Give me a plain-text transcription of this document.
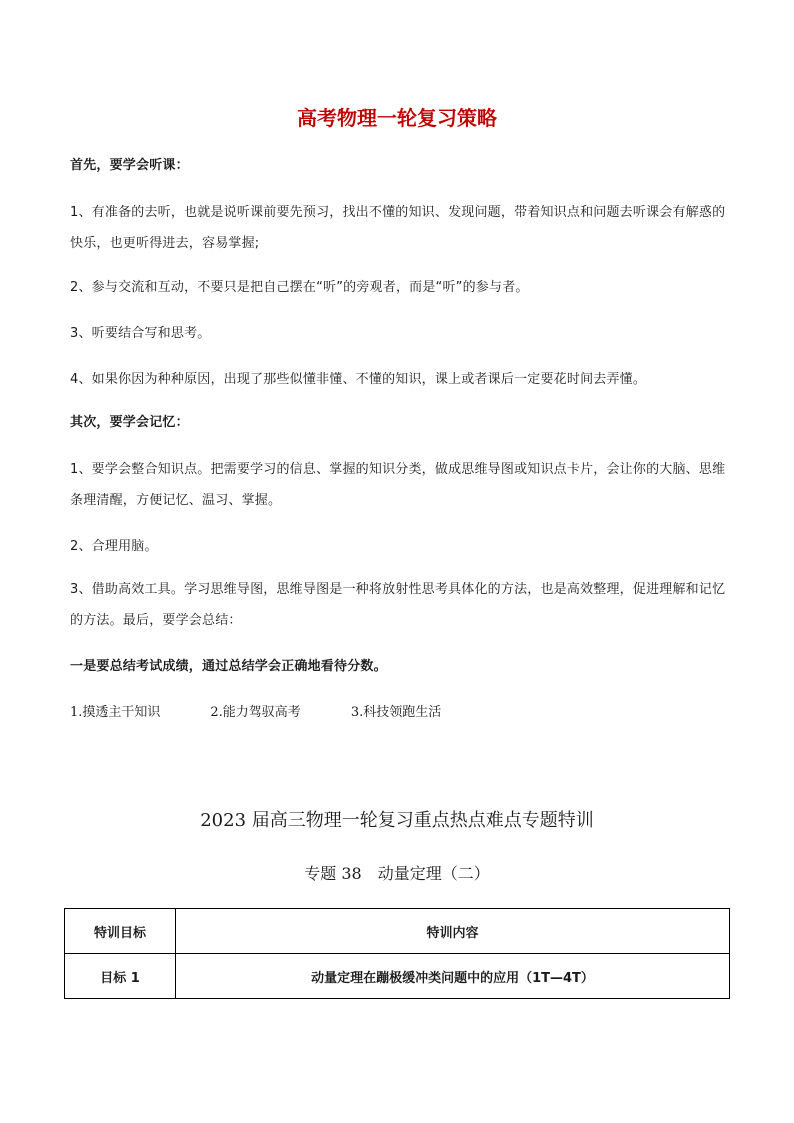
高考物理一轮复习策略
首先，要学会听课：
1、有准备的去听，也就是说听课前要先预习，找出不懂的知识、发现问题，带着知识点和问题去听课会有解惑的快乐，也更听得进去，容易掌握;
2、参与交流和互动，不要只是把自己摆在“听”的旁观者，而是“听”的参与者。
3、听要结合写和思考。
4、如果你因为种种原因，出现了那些似懂非懂、不懂的知识，课上或者课后一定要花时间去弄懂。
其次，要学会记忆：
1、要学会整合知识点。把需要学习的信息、掌握的知识分类，做成思维导图或知识点卡片，会让你的大脑、思维条理清醒，方便记忆、温习、掌握。
2、合理用脑。
3、借助高效工具。学习思维导图，思维导图是一种将放射性思考具体化的方法，也是高效整理，促进理解和记忆的方法。最后，要学会总结：
一是要总结考试成绩，通过总结学会正确地看待分数。
1.摸透主干知识	2.能力驾驭高考	3.科技领跑生活
2023 届高三物理一轮复习重点热点难点专题特训
专题 38　动量定理（二）
特训目标	特训内容
目标 1	动量定理在蹦极缓冲类问题中的应用（1T—4T）
